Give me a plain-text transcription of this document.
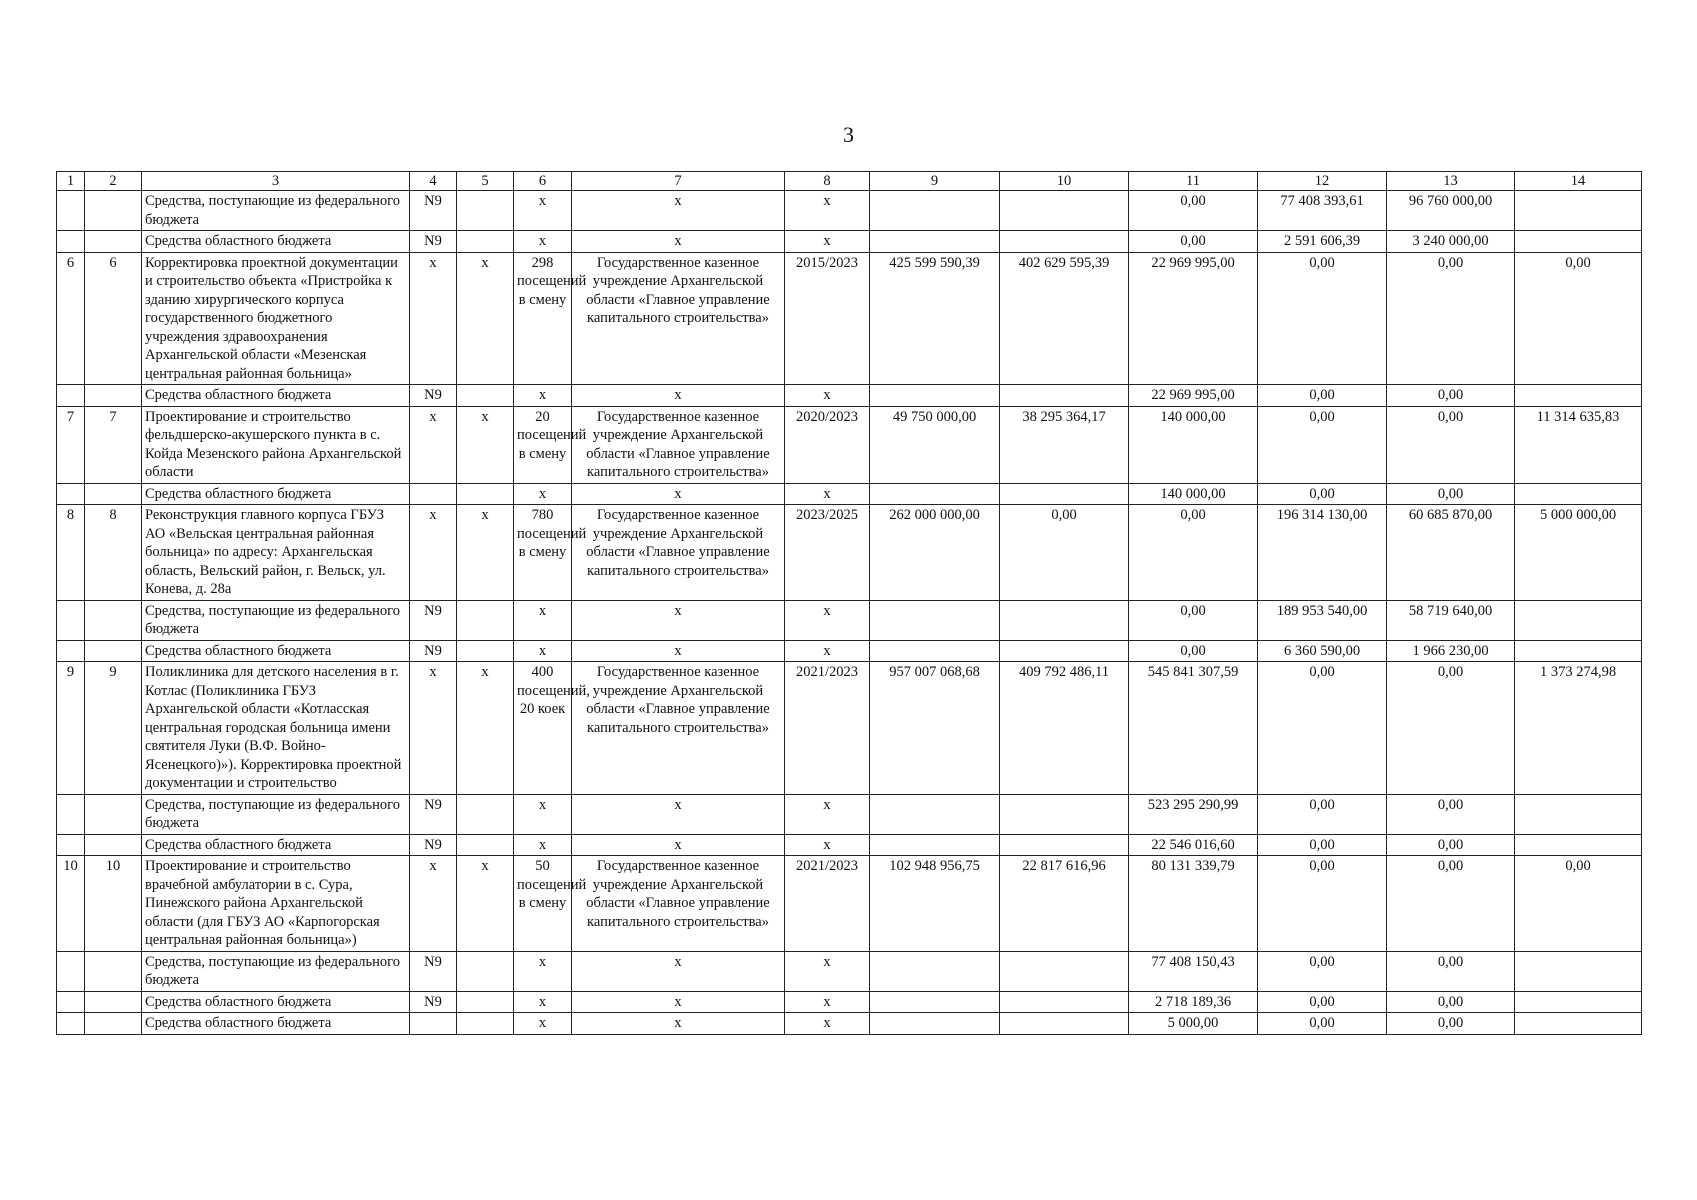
3
1	2	3	4	5	6	7	8	9	10	11	12	13	14
		Средства, поступающие из федерального бюджета	N9		x	x	x			0,00	77 408 393,61	96 760 000,00	
		Средства областного бюджета	N9		x	x	x			0,00	2 591 606,39	3 240 000,00	
6	6	Корректировка проектной документации и строительство объекта «Пристройка к зданию хирургического корпуса государственного бюджетного учреждения здравоохранения Архангельской области «Мезенская центральная районная больница»	x	x	298 посещений в смену	Государственное казенное учреждение Архангельской области «Главное управление капитального строительства»	2015/2023	425 599 590,39	402 629 595,39	22 969 995,00	0,00	0,00	0,00
		Средства областного бюджета	N9		x	x	x			22 969 995,00	0,00	0,00	
7	7	Проектирование и строительство фельдшерско-акушерского пункта в с. Койда Мезенского района Архангельской области	x	x	20 посещений в смену	Государственное казенное учреждение Архангельской области «Главное управление капитального строительства»	2020/2023	49 750 000,00	38 295 364,17	140 000,00	0,00	0,00	11 314 635,83
		Средства областного бюджета			x	x	x			140 000,00	0,00	0,00	
8	8	Реконструкция главного корпуса ГБУЗ АО «Вельская центральная районная больница» по адресу: Архангельская область, Вельский район, г. Вельск, ул. Конева, д. 28а	x	x	780 посещений в смену	Государственное казенное учреждение Архангельской области «Главное управление капитального строительства»	2023/2025	262 000 000,00	0,00	0,00	196 314 130,00	60 685 870,00	5 000 000,00
		Средства, поступающие из федерального бюджета	N9		x	x	x			0,00	189 953 540,00	58 719 640,00	
		Средства областного бюджета	N9		x	x	x			0,00	6 360 590,00	1 966 230,00	
9	9	Поликлиника для детского населения в г. Котлас (Поликлиника ГБУЗ Архангельской области «Котласская центральная городская больница имени святителя Луки (В.Ф. Войно-Ясенецкого)»). Корректировка проектной документации и строительство	x	x	400 посещений, 20 коек	Государственное казенное учреждение Архангельской области «Главное управление капитального строительства»	2021/2023	957 007 068,68	409 792 486,11	545 841 307,59	0,00	0,00	1 373 274,98
		Средства, поступающие из федерального бюджета	N9		x	x	x			523 295 290,99	0,00	0,00	
		Средства областного бюджета	N9		x	x	x			22 546 016,60	0,00	0,00	
10	10	Проектирование и строительство врачебной амбулатории в с. Сура, Пинежского района Архангельской области (для ГБУЗ АО «Карпогорская центральная районная больница»)	x	x	50 посещений в смену	Государственное казенное учреждение Архангельской области «Главное управление капитального строительства»	2021/2023	102 948 956,75	22 817 616,96	80 131 339,79	0,00	0,00	0,00
		Средства, поступающие из федерального бюджета	N9		x	x	x			77 408 150,43	0,00	0,00	
		Средства областного бюджета	N9		x	x	x			2 718 189,36	0,00	0,00	
		Средства областного бюджета			x	x	x			5 000,00	0,00	0,00	
